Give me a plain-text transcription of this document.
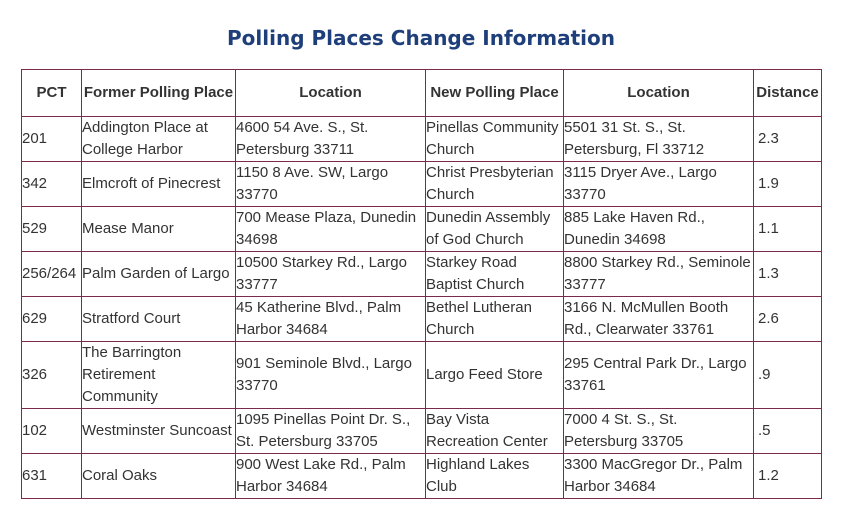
Polling Places Change Information
PCT	Former Polling Place	Location	New Polling Place	Location	Distance
201	Addington Place at College Harbor	4600 54 Ave. S., St. Petersburg 33711	Pinellas Community Church	5501 31 St. S., St. Petersburg, Fl 33712	2.3
342	Elmcroft of Pinecrest	1150 8 Ave. SW, Largo 33770	Christ Presbyterian Church	3115 Dryer Ave., Largo 33770	1.9
529	Mease Manor	700 Mease Plaza, Dunedin 34698	Dunedin Assembly of God Church	885 Lake Haven Rd., Dunedin 34698	1.1
256/264	Palm Garden of Largo	10500 Starkey Rd., Largo 33777	Starkey Road Baptist Church	8800 Starkey Rd., Seminole 33777	1.3
629	Stratford Court	45 Katherine Blvd., Palm Harbor 34684	Bethel Lutheran Church	3166 N. McMullen Booth Rd., Clearwater 33761	2.6
326	The Barrington Retirement Community	901 Seminole Blvd., Largo 33770	Largo Feed Store	295 Central Park Dr., Largo 33761	.9
102	Westminster Suncoast	1095 Pinellas Point Dr. S., St. Petersburg 33705	Bay Vista Recreation Center	7000 4 St. S., St. Petersburg 33705	.5
631	Coral Oaks	900 West Lake Rd., Palm Harbor 34684	Highland Lakes Club	3300 MacGregor Dr., Palm Harbor 34684	1.2
